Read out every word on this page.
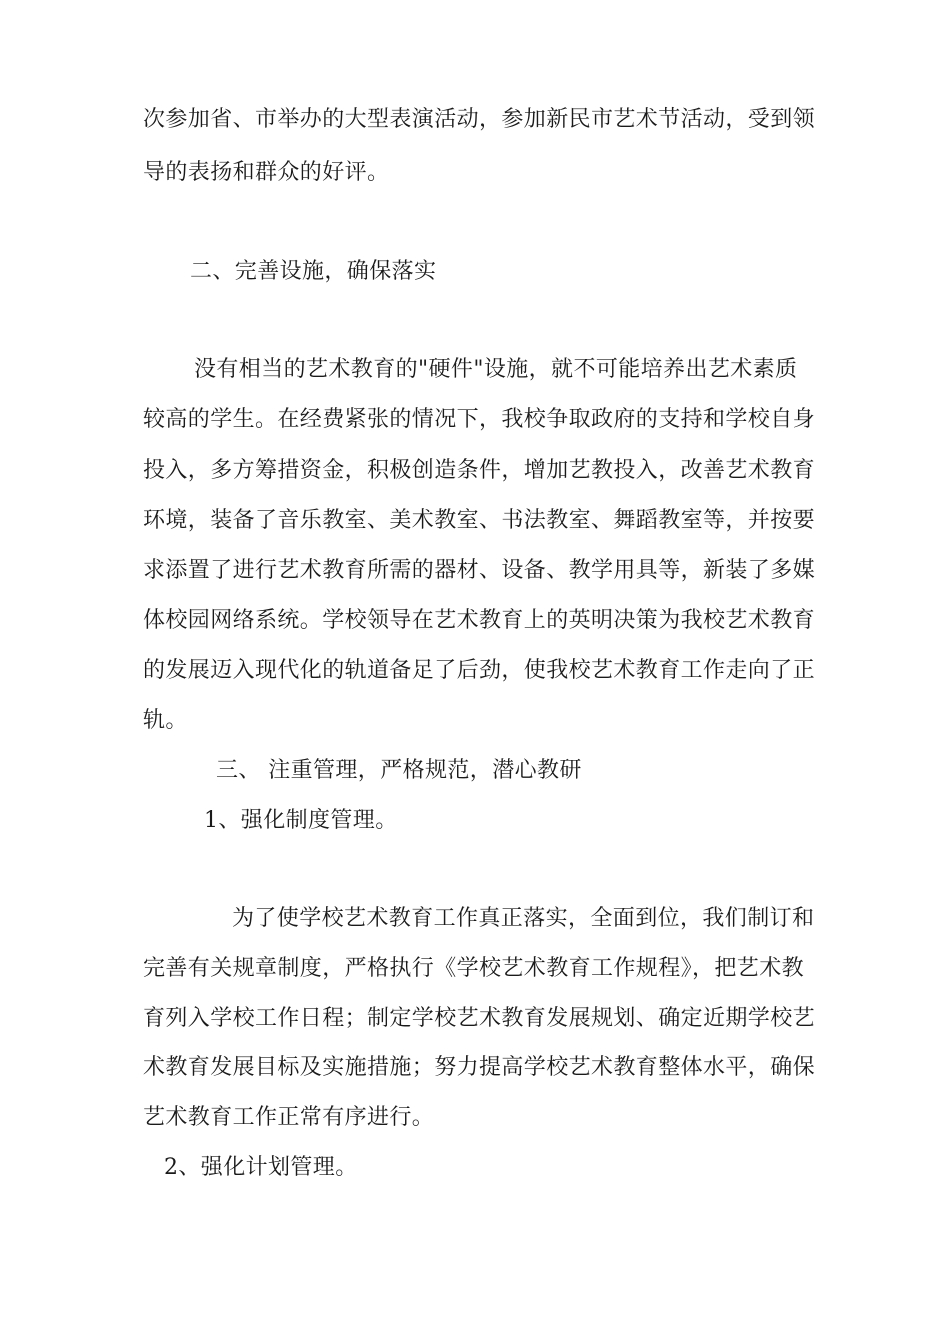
次参加省、市举办的大型表演活动，参加新民市艺术节活动，受到领
导的表扬和群众的好评。
二、完善设施，确保落实
没有相当的艺术教育的"硬件"设施，就不可能培养出艺术素质
较高的学生。在经费紧张的情况下，我校争取政府的支持和学校自身
投入，多方筹措资金，积极创造条件，增加艺教投入，改善艺术教育
环境，装备了音乐教室、美术教室、书法教室、舞蹈教室等，并按要
求添置了进行艺术教育所需的器材、设备、教学用具等，新装了多媒
体校园网络系统。学校领导在艺术教育上的英明决策为我校艺术教育
的发展迈入现代化的轨道备足了后劲，使我校艺术教育工作走向了正
轨。
三、 注重管理，严格规范，潜心教研
1、强化制度管理。
为了使学校艺术教育工作真正落实，全面到位，我们制订和
完善有关规章制度，严格执行《学校艺术教育工作规程》，把艺术教
育列入学校工作日程；制定学校艺术教育发展规划、确定近期学校艺
术教育发展目标及实施措施；努力提高学校艺术教育整体水平，确保
艺术教育工作正常有序进行。
2、强化计划管理。
